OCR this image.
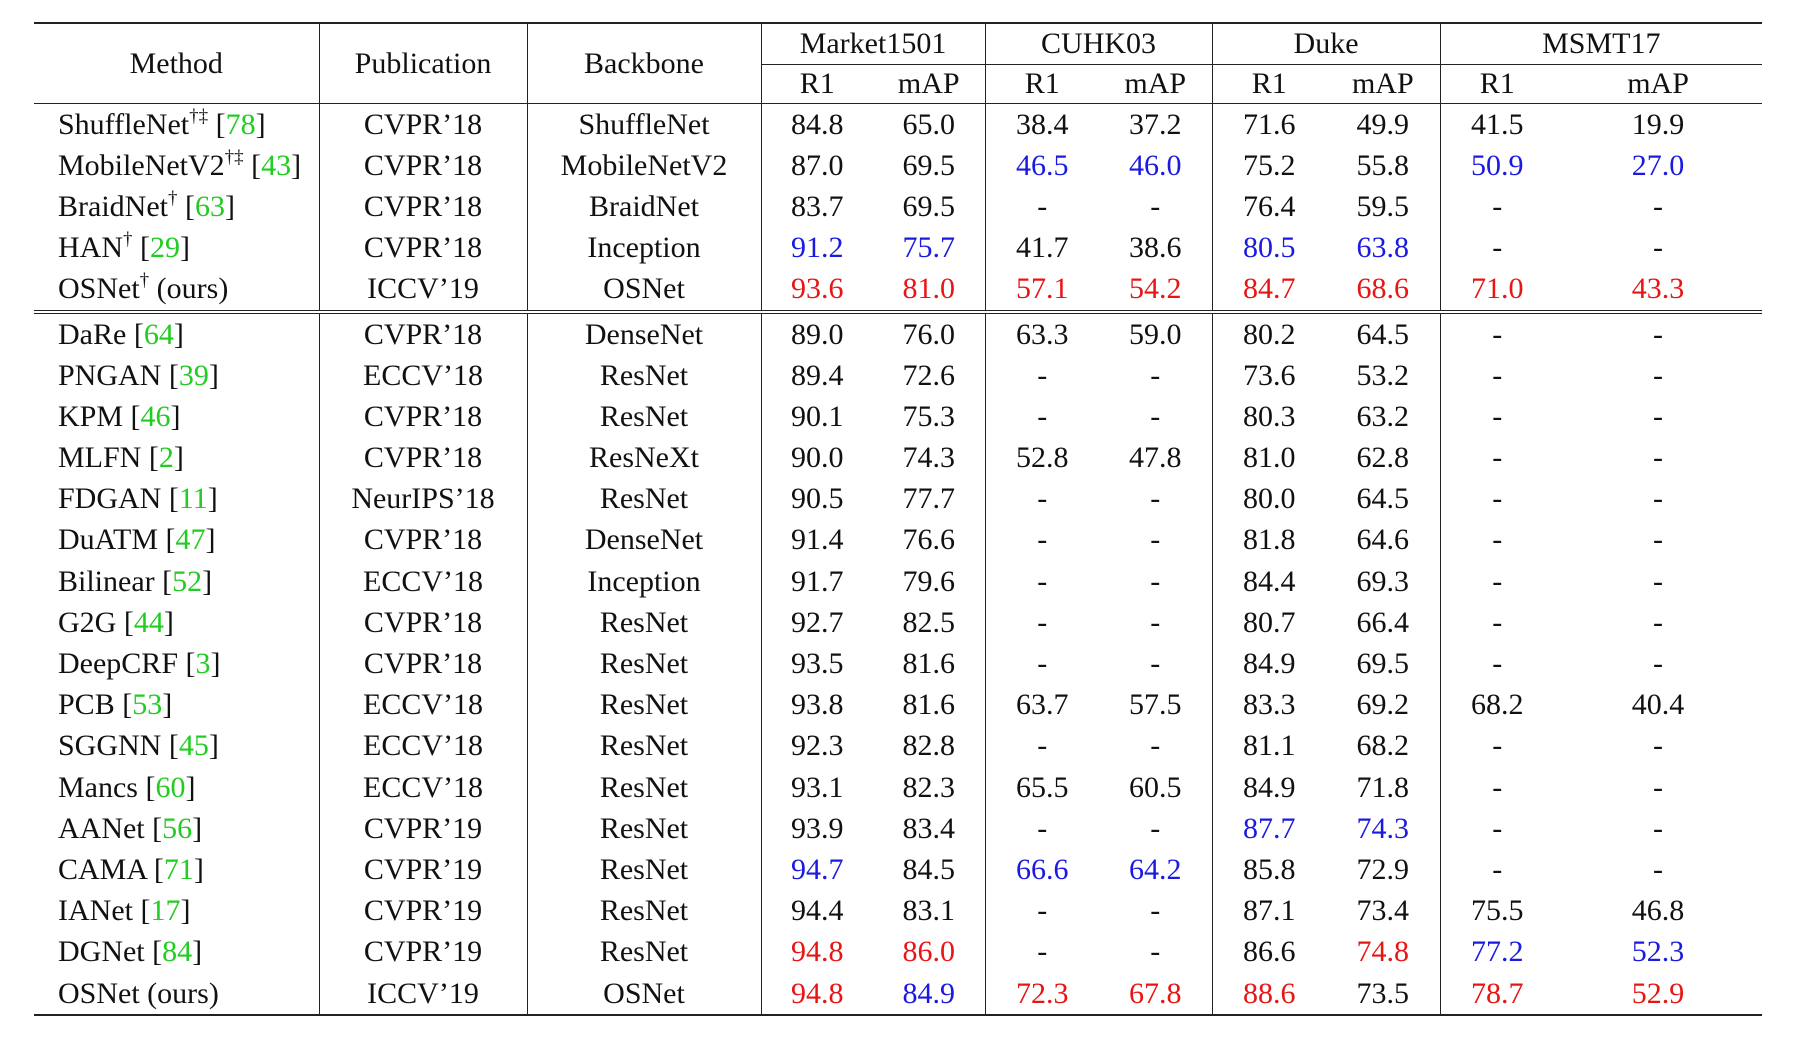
Method	Publication	Backbone	Market1501		CUHK03		Duke		MSMT17	
			R1	mAP	R1	mAP	R1	mAP	R1	mAP
ShuffleNet†‡ [78]	CVPR’18	ShuffleNet	84.8	65.0	38.4	37.2	71.6	49.9	41.5	19.9
MobileNetV2†‡ [43]	CVPR’18	MobileNetV2	87.0	69.5	46.5	46.0	75.2	55.8	50.9	27.0
BraidNet† [63]	CVPR’18	BraidNet	83.7	69.5	-	-	76.4	59.5	-	-
HAN† [29]	CVPR’18	Inception	91.2	75.7	41.7	38.6	80.5	63.8	-	-
OSNet† (ours)	ICCV’19	OSNet	93.6	81.0	57.1	54.2	84.7	68.6	71.0	43.3
DaRe [64]	CVPR’18	DenseNet	89.0	76.0	63.3	59.0	80.2	64.5	-	-
PNGAN [39]	ECCV’18	ResNet	89.4	72.6	-	-	73.6	53.2	-	-
KPM [46]	CVPR’18	ResNet	90.1	75.3	-	-	80.3	63.2	-	-
MLFN [2]	CVPR’18	ResNeXt	90.0	74.3	52.8	47.8	81.0	62.8	-	-
FDGAN [11]	NeurIPS’18	ResNet	90.5	77.7	-	-	80.0	64.5	-	-
DuATM [47]	CVPR’18	DenseNet	91.4	76.6	-	-	81.8	64.6	-	-
Bilinear [52]	ECCV’18	Inception	91.7	79.6	-	-	84.4	69.3	-	-
G2G [44]	CVPR’18	ResNet	92.7	82.5	-	-	80.7	66.4	-	-
DeepCRF [3]	CVPR’18	ResNet	93.5	81.6	-	-	84.9	69.5	-	-
PCB [53]	ECCV’18	ResNet	93.8	81.6	63.7	57.5	83.3	69.2	68.2	40.4
SGGNN [45]	ECCV’18	ResNet	92.3	82.8	-	-	81.1	68.2	-	-
Mancs [60]	ECCV’18	ResNet	93.1	82.3	65.5	60.5	84.9	71.8	-	-
AANet [56]	CVPR’19	ResNet	93.9	83.4	-	-	87.7	74.3	-	-
CAMA [71]	CVPR’19	ResNet	94.7	84.5	66.6	64.2	85.8	72.9	-	-
IANet [17]	CVPR’19	ResNet	94.4	83.1	-	-	87.1	73.4	75.5	46.8
DGNet [84]	CVPR’19	ResNet	94.8	86.0	-	-	86.6	74.8	77.2	52.3
OSNet (ours)	ICCV’19	OSNet	94.8	84.9	72.3	67.8	88.6	73.5	78.7	52.9
